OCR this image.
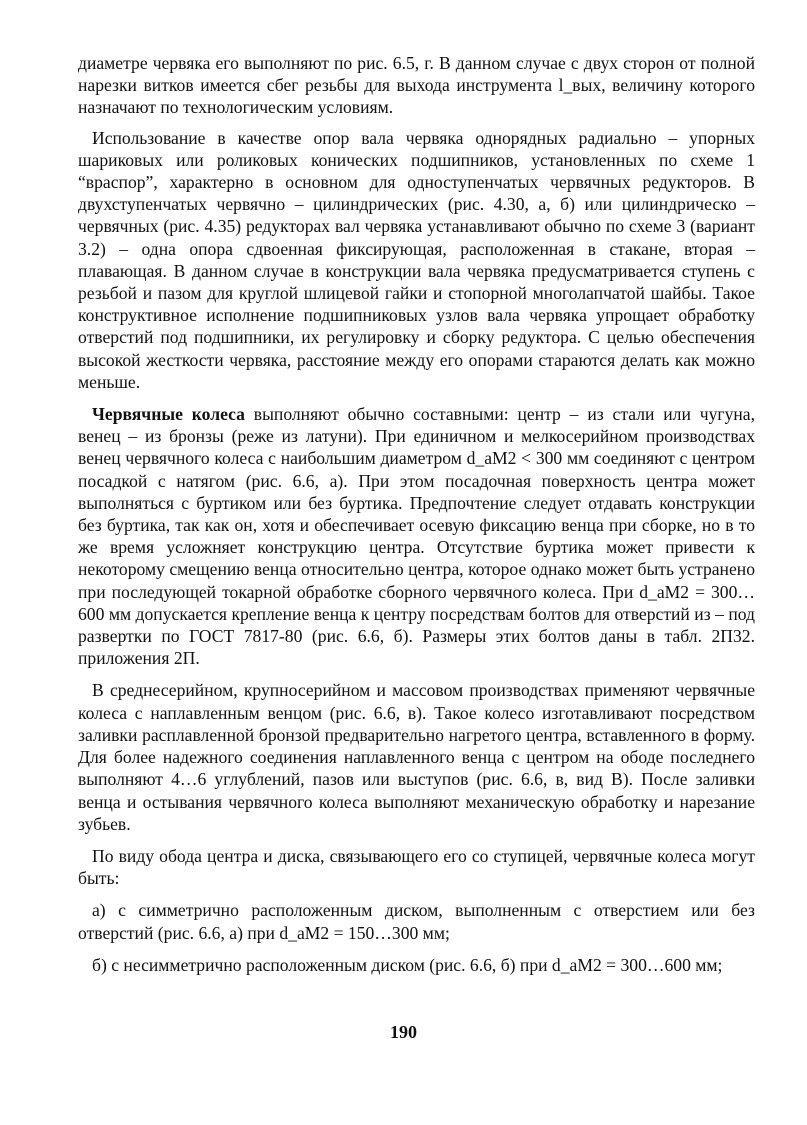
диаметре червяка его выполняют по рис. 6.5, г. В данном случае с двух сторон от полной нарезки витков имеется сбег резьбы для выхода инструмента l_вых, величину которого назначают по технологическим условиям.

Использование в качестве опор вала червяка однорядных радиально – упорных шариковых или роликовых конических подшипников, установленных по схеме 1 “враспор”, характерно в основном для одноступенчатых червячных редукторов. В двухступенчатых червячно – цилиндрических (рис. 4.30, а, б) или цилиндрическо – червячных (рис. 4.35) редукторах вал червяка устанавливают обычно по схеме 3 (вариант 3.2) – одна опора сдвоенная фиксирующая, расположенная в стакане, вторая – плавающая. В данном случае в конструкции вала червяка предусматривается ступень с резьбой и пазом для круглой шлицевой гайки и стопорной многолапчатой шайбы. Такое конструктивное исполнение подшипниковых узлов вала червяка упрощает обработку отверстий под подшипники, их регулировку и сборку редуктора. С целью обеспечения высокой жесткости червяка, расстояние между его опорами стараются делать как можно меньше.

Червячные колеса выполняют обычно составными: центр – из стали или чугуна, венец – из бронзы (реже из латуни). При единичном и мелкосерийном производствах венец червячного колеса с наибольшим диаметром d_аМ2 < 300 мм соединяют с центром посадкой с натягом (рис. 6.6, а). При этом посадочная поверхность центра может выполняться с буртиком или без буртика. Предпочтение следует отдавать конструкции без буртика, так как он, хотя и обеспечивает осевую фиксацию венца при сборке, но в то же время усложняет конструкцию центра. Отсутствие буртика может привести к некоторому смещению венца относительно центра, которое однако может быть устранено при последующей токарной обработке сборного червячного колеса. При d_аМ2 = 300…600 мм допускается крепление венца к центру посредствам болтов для отверстий из – под развертки по ГОСТ 7817-80 (рис. 6.6, б). Размеры этих болтов даны в табл. 2П32. приложения 2П.

В среднесерийном, крупносерийном и массовом производствах применяют червячные колеса с наплавленным венцом (рис. 6.6, в). Такое колесо изготавливают посредством заливки расплавленной бронзой предварительно нагретого центра, вставленного в форму. Для более надежного соединения наплавленного венца с центром на ободе последнего выполняют 4…6 углублений, пазов или выступов (рис. 6.6, в, вид В). После заливки венца и остывания червячного колеса выполняют механическую обработку и нарезание зубьев.

По виду обода центра и диска, связывающего его со ступицей, червячные колеса могут быть:

а) с симметрично расположенным диском, выполненным с отверстием или без отверстий (рис. 6.6, а) при d_аМ2 = 150…300 мм;

б) с несимметрично расположенным диском (рис. 6.6, б) при d_аМ2 = 300…600 мм;

190
